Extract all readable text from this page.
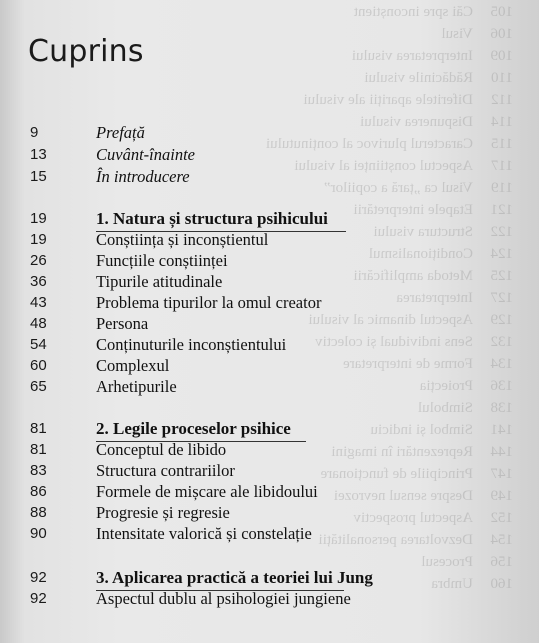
105Căi spre inconștient
106Visul
109Interpretarea visului
110Rădăcinile visului
112Diferitele apariții ale visului
114Dispunerea visului
115Caracterul plurivoc al conținutului
117Aspectul conștiinței al visului
119Visul ca „țară a copiilor”
121Etapele interpretării
122Structura visului
124Condiționalismul
125Metoda amplificării
127Interpretarea
129Aspectul dinamic al visului
132Sens individual și colectiv
134Forme de interpretare
136Proiecția
138Simbolul
141Simbol și indiciu
144Reprezentări în imagini
147Principiile de funcționare
149Despre sensul nevrozei
152Aspectul prospectiv
154Dezvoltarea personalității
156Procesul
160Umbra
Cuprins
9	Prefață
13	Cuvânt-înainte
15	În introducere
19	1. Natura și structura psihicului
19	Conștiința și inconștientul
26	Funcțiile conștiinței
36	Tipurile atitudinale
43	Problema tipurilor la omul creator
48	Persona
54	Conținuturile inconștientului
60	Complexul
65	Arhetipurile
81	2. Legile proceselor psihice
81	Conceptul de libido
83	Structura contrariilor
86	Formele de mișcare ale libidoului
88	Progresie și regresie
90	Intensitate valorică și constelație
92	3. Aplicarea practică a teoriei lui Jung
92	Aspectul dublu al psihologiei jungiene
